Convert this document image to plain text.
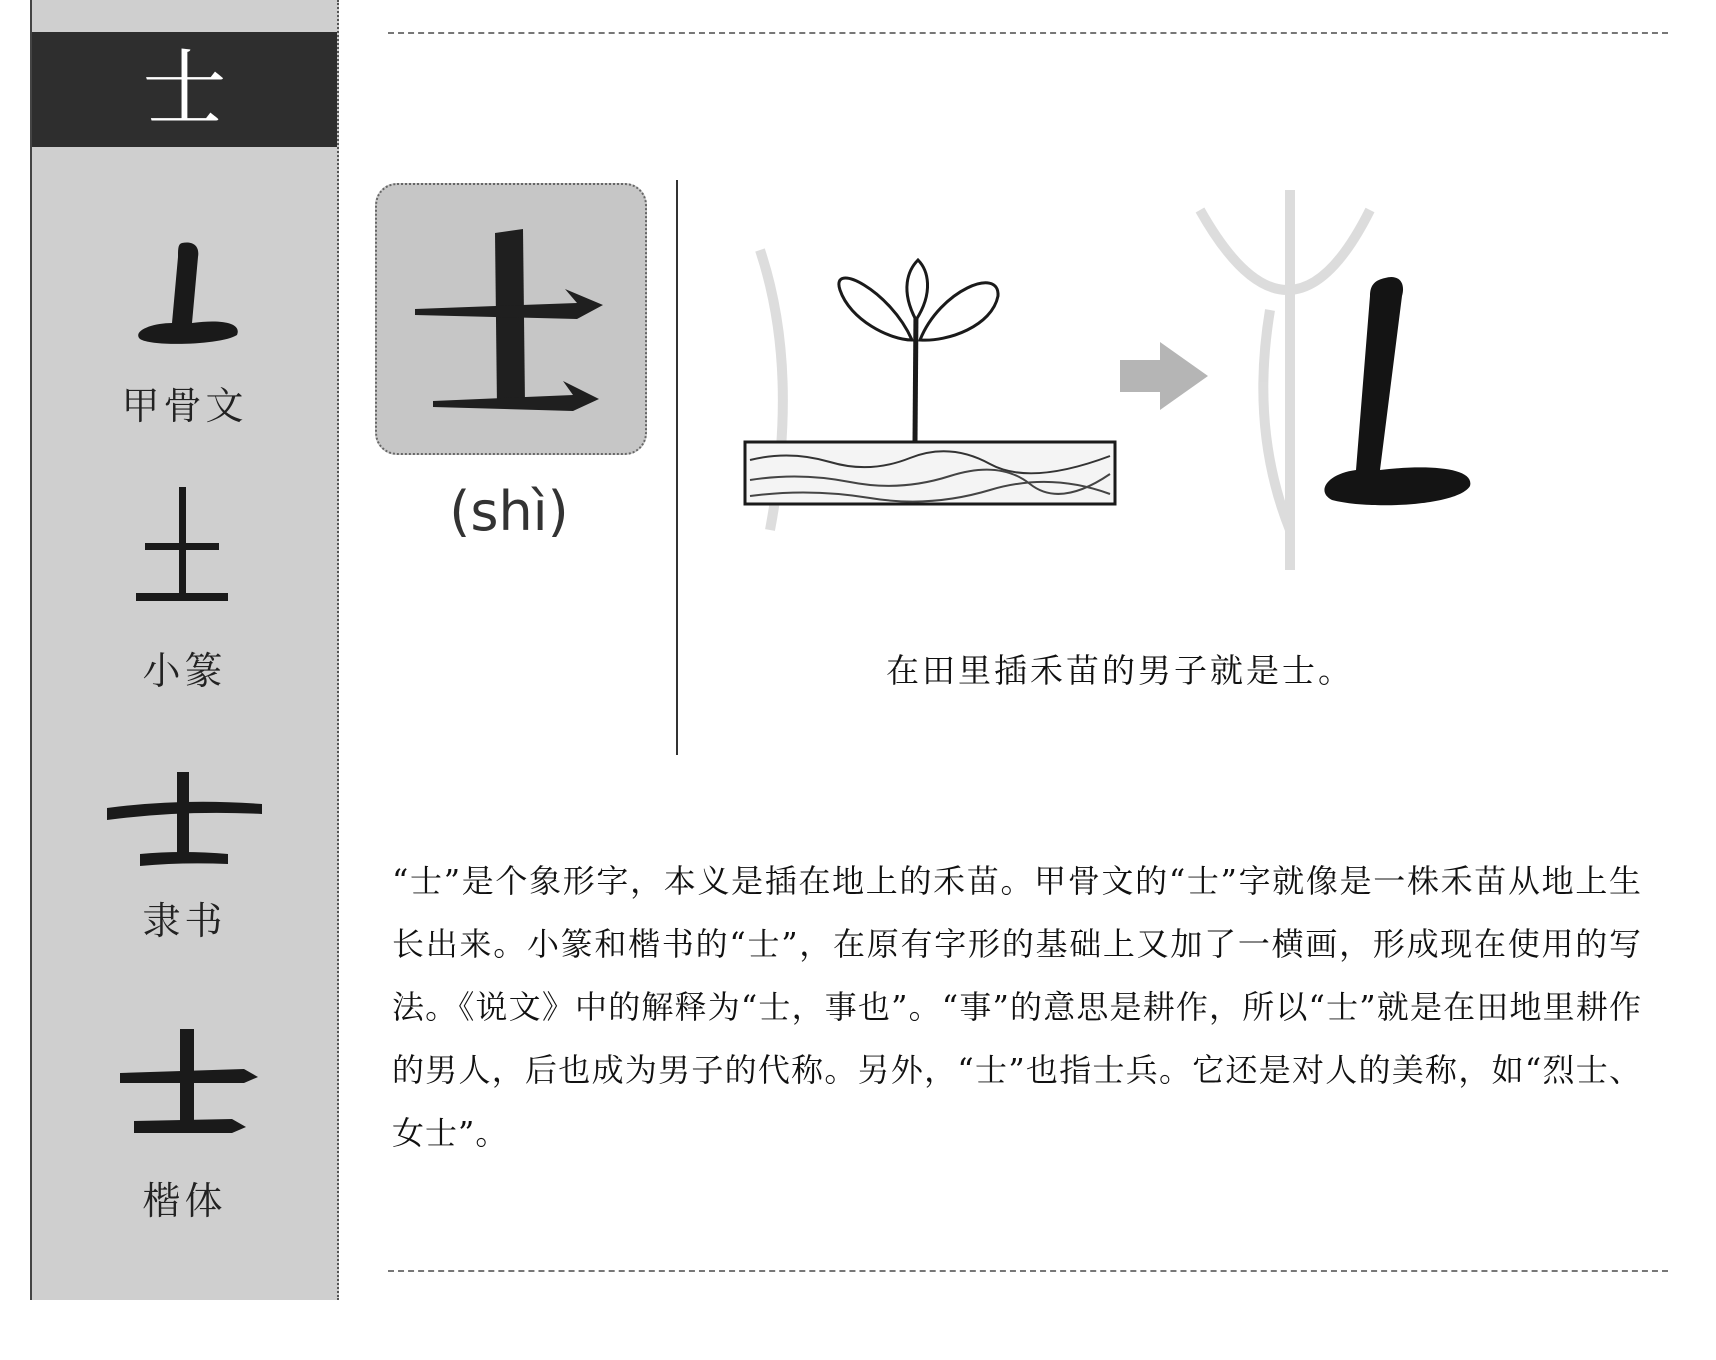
士
甲骨文
小篆
隶书
楷体
(shì)
在田里插禾苗的男子就是士。
“士”是个象形字，本义是插在地上的禾苗。甲骨文的“士”字就像是一株禾苗从地上生长出来。小篆和楷书的“士”，在原有字形的基础上又加了一横画，形成现在使用的写法。《说文》中的解释为“士，事也”。“事”的意思是耕作，所以“士”就是在田地里耕作的男人，后也成为男子的代称。另外，“士”也指士兵。它还是对人的美称，如“烈士、女士”。
